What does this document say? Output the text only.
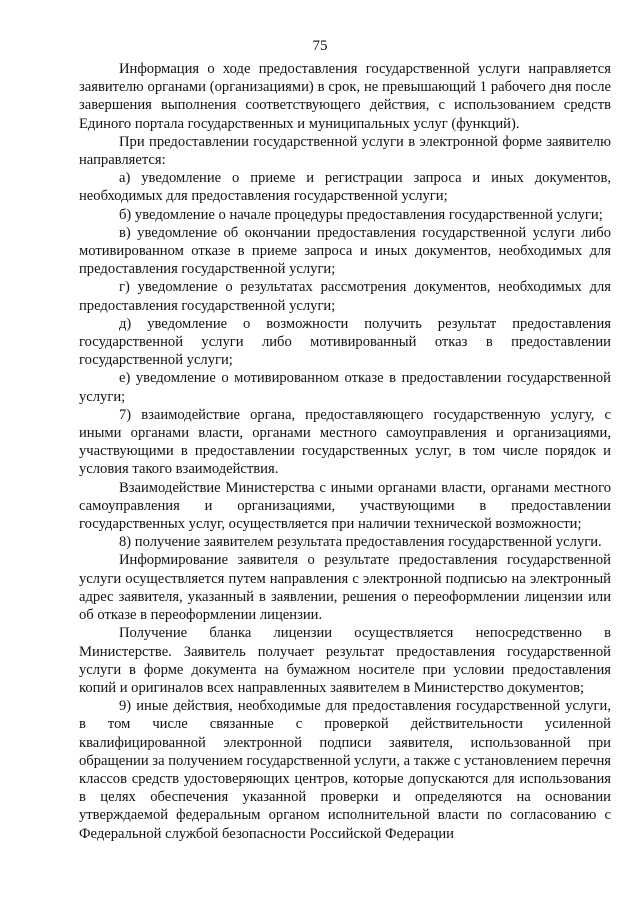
75

Информация о ходе предоставления государственной услуги направляется заявителю органами (организациями) в срок, не превышающий 1 рабочего дня после завершения выполнения соответствующего действия, с использованием средств Единого портала государственных и муниципальных услуг (функций).

При предоставлении государственной услуги в электронной форме заявителю направляется:

а) уведомление о приеме и регистрации запроса и иных документов, необходимых для предоставления государственной услуги;

б) уведомление о начале процедуры предоставления государственной услуги;

в) уведомление об окончании предоставления государственной услуги либо мотивированном отказе в приеме запроса и иных документов, необходимых для предоставления государственной услуги;

г) уведомление о результатах рассмотрения документов, необходимых для предоставления государственной услуги;

д) уведомление о возможности получить результат предоставления государственной услуги либо мотивированный отказ в предоставлении государственной услуги;

е) уведомление о мотивированном отказе в предоставлении государственной услуги;

7) взаимодействие органа, предоставляющего государственную услугу, с иными органами власти, органами местного самоуправления и организациями, участвующими в предоставлении государственных услуг, в том числе порядок и условия такого взаимодействия.

Взаимодействие Министерства с иными органами власти, органами местного самоуправления и организациями, участвующими в предоставлении государственных услуг, осуществляется при наличии технической возможности;

8) получение заявителем результата предоставления государственной услуги.

Информирование заявителя о результате предоставления государственной услуги осуществляется путем направления с электронной подписью на электронный адрес заявителя, указанный в заявлении, решения о переоформлении лицензии или об отказе в переоформлении лицензии.

Получение бланка лицензии осуществляется непосредственно в Министерстве. Заявитель получает результат предоставления государственной услуги в форме документа на бумажном носителе при условии предоставления копий и оригиналов всех направленных заявителем в Министерство документов;

9) иные действия, необходимые для предоставления государственной услуги, в том числе связанные с проверкой действительности усиленной квалифицированной электронной подписи заявителя, использованной при обращении за получением государственной услуги, а также с установлением перечня классов средств удостоверяющих центров, которые допускаются для использования в целях обеспечения указанной проверки и определяются на основании утверждаемой федеральным органом исполнительной власти по согласованию с Федеральной службой безопасности Российской Федерации
